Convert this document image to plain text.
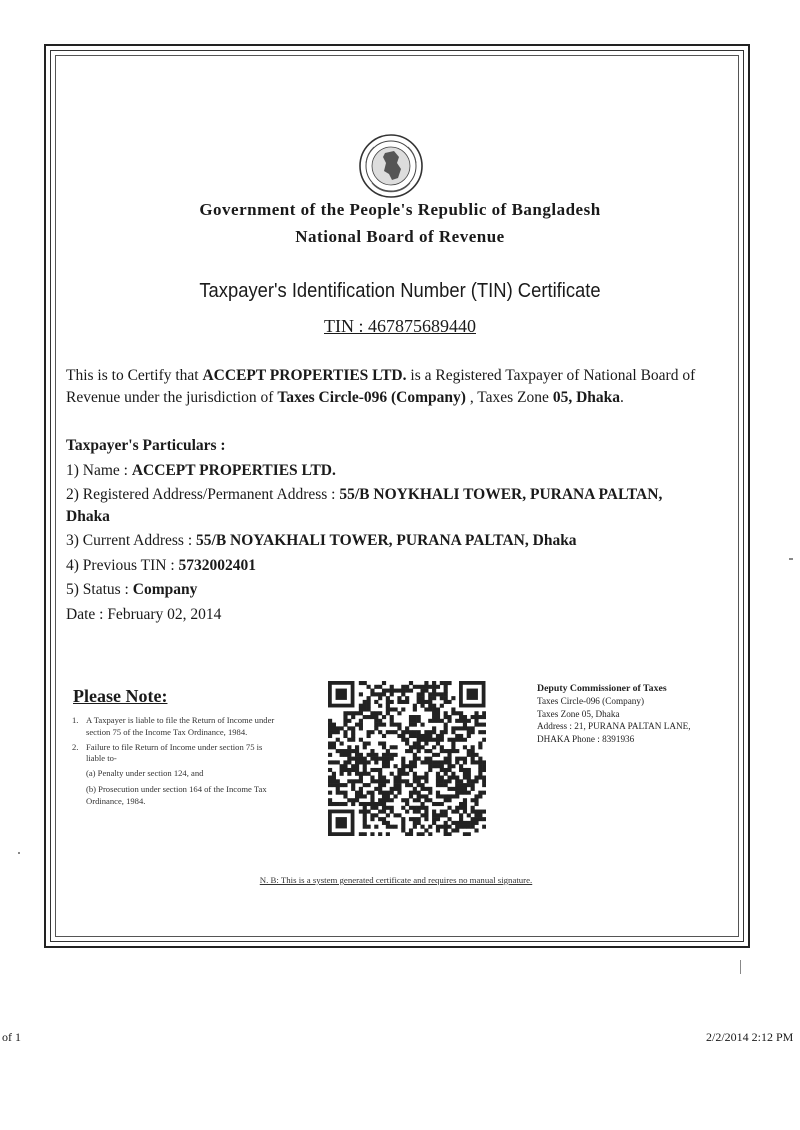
Government of the People's Republic of Bangladesh
National Board of Revenue
Taxpayer's Identification Number (TIN) Certificate
TIN : 467875689440
This is to Certify that ACCEPT PROPERTIES LTD. is a Registered Taxpayer of National Board of Revenue under the jurisdiction of Taxes Circle-096 (Company) , Taxes Zone 05, Dhaka.
Taxpayer's Particulars :
1) Name : ACCEPT PROPERTIES LTD.
2) Registered Address/Permanent Address : 55/B NOYKHALI TOWER, PURANA PALTAN,
Dhaka
3) Current Address : 55/B NOYAKHALI TOWER, PURANA PALTAN, Dhaka
4) Previous TIN : 5732002401
5) Status : Company
Date : February 02, 2014
Please Note:
1. A Taxpayer is liable to file the Return of Income under section 75 of the Income Tax Ordinance, 1984.
2. Failure to file Return of Income under section 75 is liable to-
(a) Penalty under section 124, and
(b) Prosecution under section 164 of the Income Tax Ordinance, 1984.
Deputy Commissioner of Taxes
Taxes Circle-096 (Company)
Taxes Zone 05, Dhaka
Address : 21, PURANA PALTAN LANE,
DHAKA Phone : 8391936
N. B: This is a system generated certificate and requires no manual signature.
of 1	2/2/2014 2:12 PM
